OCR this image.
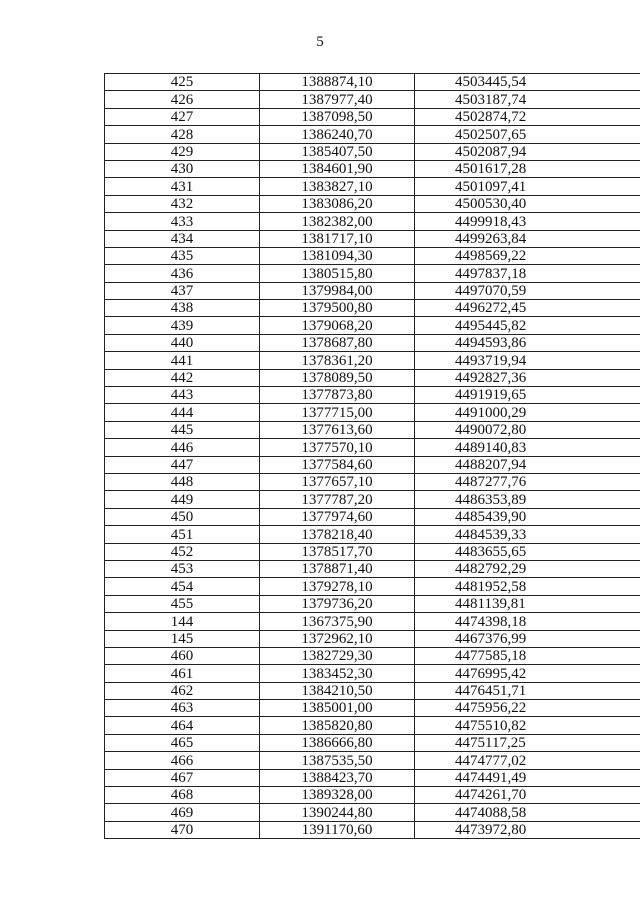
5
425	1388874,10	4503445,54
426	1387977,40	4503187,74
427	1387098,50	4502874,72
428	1386240,70	4502507,65
429	1385407,50	4502087,94
430	1384601,90	4501617,28
431	1383827,10	4501097,41
432	1383086,20	4500530,40
433	1382382,00	4499918,43
434	1381717,10	4499263,84
435	1381094,30	4498569,22
436	1380515,80	4497837,18
437	1379984,00	4497070,59
438	1379500,80	4496272,45
439	1379068,20	4495445,82
440	1378687,80	4494593,86
441	1378361,20	4493719,94
442	1378089,50	4492827,36
443	1377873,80	4491919,65
444	1377715,00	4491000,29
445	1377613,60	4490072,80
446	1377570,10	4489140,83
447	1377584,60	4488207,94
448	1377657,10	4487277,76
449	1377787,20	4486353,89
450	1377974,60	4485439,90
451	1378218,40	4484539,33
452	1378517,70	4483655,65
453	1378871,40	4482792,29
454	1379278,10	4481952,58
455	1379736,20	4481139,81
144	1367375,90	4474398,18
145	1372962,10	4467376,99
460	1382729,30	4477585,18
461	1383452,30	4476995,42
462	1384210,50	4476451,71
463	1385001,00	4475956,22
464	1385820,80	4475510,82
465	1386666,80	4475117,25
466	1387535,50	4474777,02
467	1388423,70	4474491,49
468	1389328,00	4474261,70
469	1390244,80	4474088,58
470	1391170,60	4473972,80
